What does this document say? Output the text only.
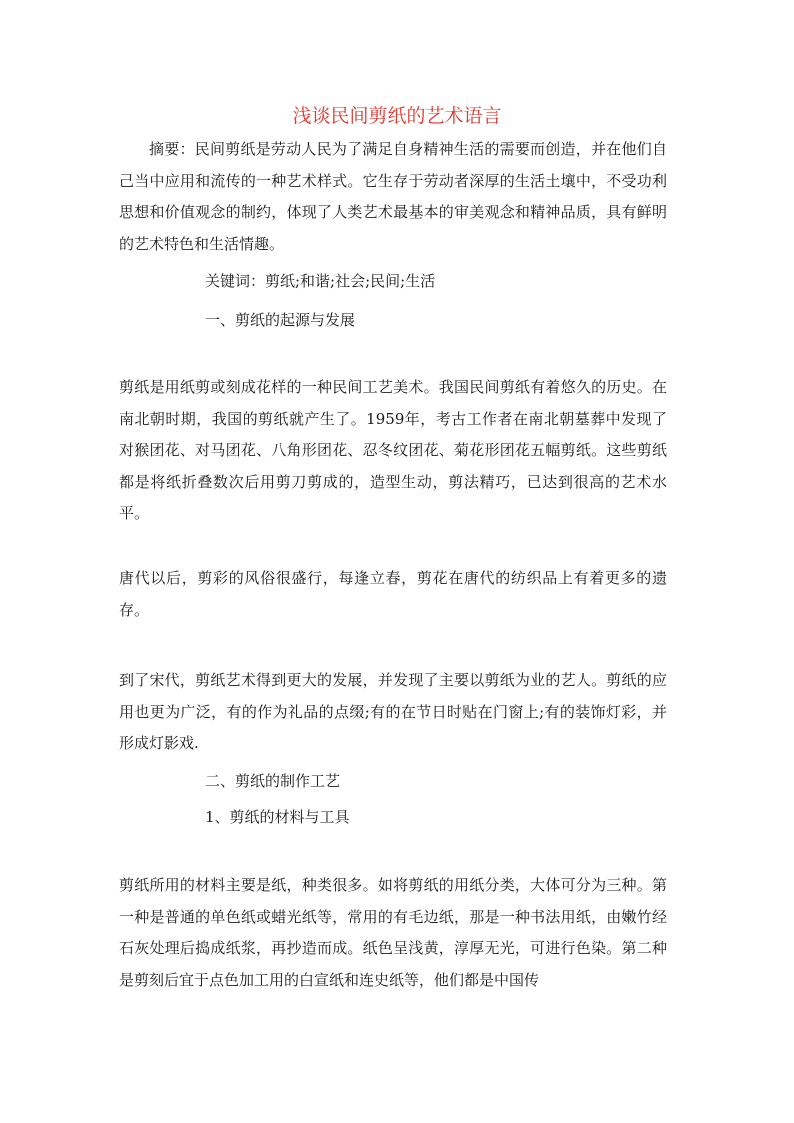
浅谈民间剪纸的艺术语言

摘要：民间剪纸是劳动人民为了满足自身精神生活的需要而创造，并在他们自己当中应用和流传的一种艺术样式。它生存于劳动者深厚的生活土壤中，不受功利思想和价值观念的制约，体现了人类艺术最基本的审美观念和精神品质，具有鲜明的艺术特色和生活情趣。

关键词：剪纸;和谐;社会;民间;生活

一、剪纸的起源与发展

剪纸是用纸剪或刻成花样的一种民间工艺美术。我国民间剪纸有着悠久的历史。在南北朝时期，我国的剪纸就产生了。1959年，考古工作者在南北朝墓葬中发现了对猴团花、对马团花、八角形团花、忍冬纹团花、菊花形团花五幅剪纸。这些剪纸都是将纸折叠数次后用剪刀剪成的，造型生动，剪法精巧，已达到很高的艺术水平。

唐代以后，剪彩的风俗很盛行，每逢立春，剪花在唐代的纺织品上有着更多的遗存。

到了宋代，剪纸艺术得到更大的发展，并发现了主要以剪纸为业的艺人。剪纸的应用也更为广泛，有的作为礼品的点缀;有的在节日时贴在门窗上;有的装饰灯彩，并形成灯影戏.

二、剪纸的制作工艺

1、剪纸的材料与工具

剪纸所用的材料主要是纸，种类很多。如将剪纸的用纸分类，大体可分为三种。第一种是普通的单色纸或蜡光纸等，常用的有毛边纸，那是一种书法用纸，由嫩竹经石灰处理后捣成纸浆，再抄造而成。纸色呈浅黄，淳厚无光，可进行色染。第二种是剪刻后宜于点色加工用的白宣纸和连史纸等，他们都是中国传
